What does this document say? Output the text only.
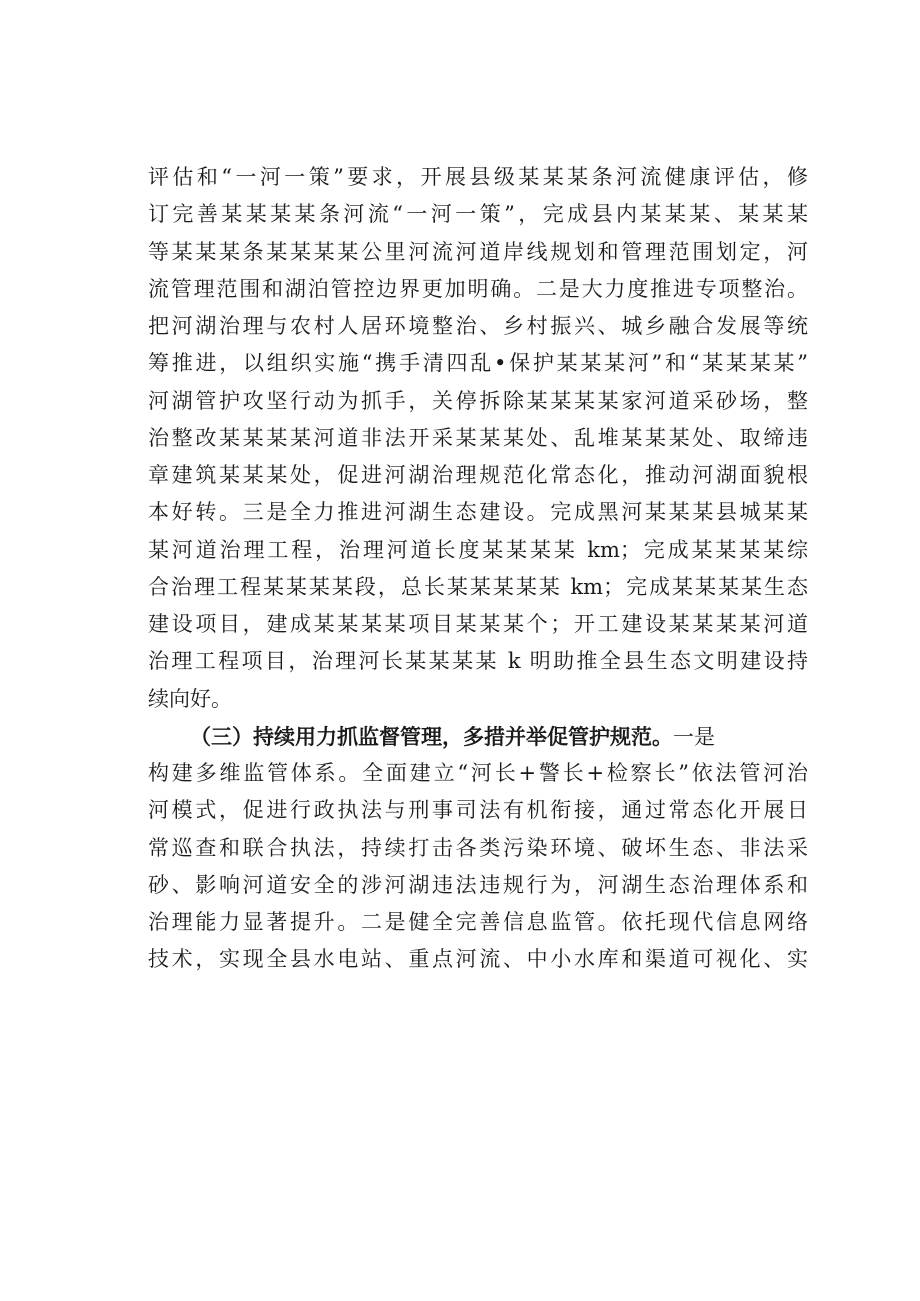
评估和“一河一策”要求，开展县级某某某条河流健康评估，修
订完善某某某某条河流“一河一策”，完成县内某某某、某某某
等某某某条某某某某公里河流河道岸线规划和管理范围划定，河
流管理范围和湖泊管控边界更加明确。二是大力度推进专项整治。
把河湖治理与农村人居环境整治、乡村振兴、城乡融合发展等统
筹推进，以组织实施“携手清四乱•保护某某某河”和“某某某某”
河湖管护攻坚行动为抓手，关停拆除某某某某家河道采砂场，整
治整改某某某某河道非法开采某某某处、乱堆某某某处、取缔违
章建筑某某某处，促进河湖治理规范化常态化，推动河湖面貌根
本好转。三是全力推进河湖生态建设。完成黑河某某某县城某某
某河道治理工程，治理河道长度某某某某 km；完成某某某某综
合治理工程某某某某段，总长某某某某某 km；完成某某某某生态
建设项目，建成某某某某项目某某某个；开工建设某某某某河道
治理工程项目，治理河长某某某某 k 明助推全县生态文明建设持
续向好。
（三）持续用力抓监督管理，多措并举促管护规范。一是
构建多维监管体系。全面建立“河长+警长+检察长”依法管河治
河模式，促进行政执法与刑事司法有机衔接，通过常态化开展日
常巡查和联合执法，持续打击各类污染环境、破坏生态、非法采
砂、影响河道安全的涉河湖违法违规行为，河湖生态治理体系和
治理能力显著提升。二是健全完善信息监管。依托现代信息网络
技术，实现全县水电站、重点河流、中小水库和渠道可视化、实
